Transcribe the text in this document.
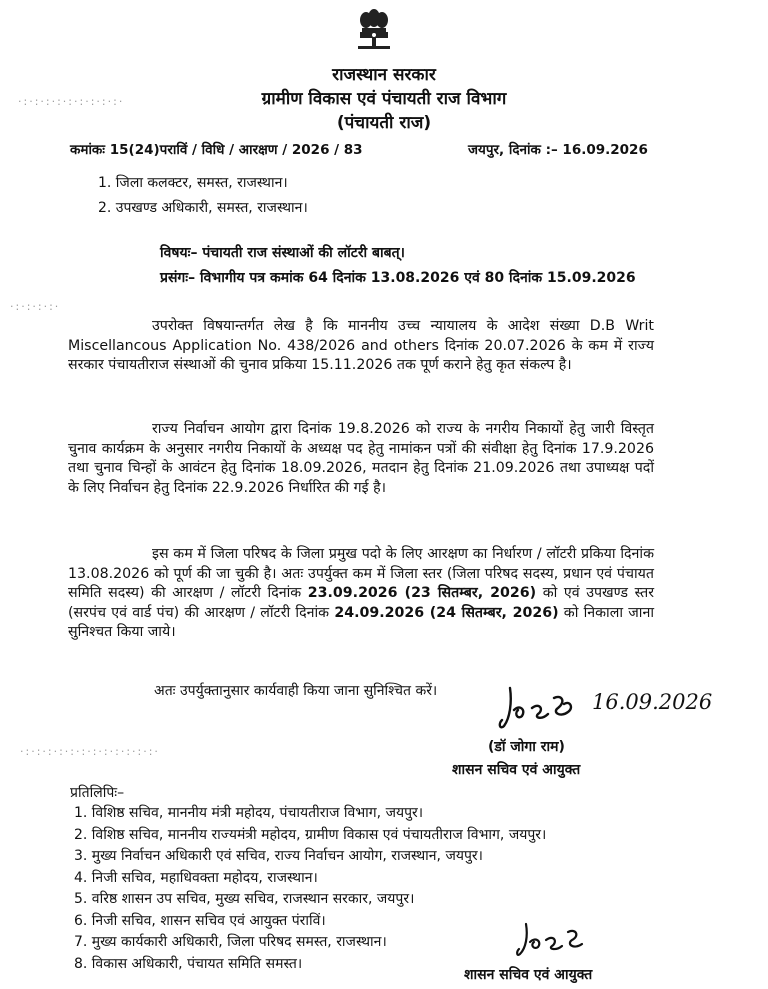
राजस्थान सरकार
ग्रामीण विकास एवं पंचायती राज विभाग
(पंचायती राज)
·:·:·:·:·:·:·:·:·:·
कमांकः 15(24)पराविं / विधि / आरक्षण / 2026 / 83	जयपुर, दिनांक :– 16.09.2026
1. जिला कलक्टर, समस्त, राजस्थान।
2. उपखण्ड अधिकारी, समस्त, राजस्थान।
विषयः– पंचायती राज संस्थाओं की लॉटरी बाबत्।
प्रसंगः– विभागीय पत्र कमांक 64 दिनांक 13.08.2026 एवं 80 दिनांक 15.09.2026
·:·:·:·:·
उपरोक्त विषयान्तर्गत लेख है कि माननीय उच्च न्यायालय के आदेश संख्या D.B Writ Miscellancous Application No. 438/2026 and others दिनांक 20.07.2026 के कम में राज्य सरकार पंचायतीराज संस्थाओं की चुनाव प्रकिया 15.11.2026 तक पूर्ण कराने हेतु कृत संकल्प है।
राज्य निर्वाचन आयोग द्वारा दिनांक 19.8.2026 को राज्य के नगरीय निकायों हेतु जारी विस्तृत चुनाव कार्यक्रम के अनुसार नगरीय निकायों के अध्यक्ष पद हेतु नामांकन पत्रों की संवीक्षा हेतु दिनांक 17.9.2026 तथा चुनाव चिन्हों के आवंटन हेतु दिनांक 18.09.2026, मतदान हेतु दिनांक 21.09.2026 तथा उपाध्यक्ष पदों के लिए निर्वाचन हेतु दिनांक 22.9.2026 निर्धारित की गई है।
इस कम में जिला परिषद के जिला प्रमुख पदो के लिए आरक्षण का निर्धारण / लॉटरी प्रकिया दिनांक 13.08.2026 को पूर्ण की जा चुकी है। अतः उपर्युक्त कम में जिला स्तर (जिला परिषद सदस्य, प्रधान एवं पंचायत समिति सदस्य) की आरक्षण / लॉटरी दिनांक 23.09.2026 (23 सितम्बर, 2026) को एवं उपखण्ड स्तर (सरपंच एवं वार्ड पंच) की आरक्षण / लॉटरी दिनांक 24.09.2026 (24 सितम्बर, 2026) को निकाला जाना सुनिश्चत किया जाये।
अतः उपर्युक्तानुसार कार्यवाही किया जाना सुनिश्चित करें।	16.09.2026
(डॉ जोगा राम)
शासन सचिव एवं आयुक्त
·:·:·:·:·:·:·:·:·:·:·:·:·
प्रतिलिपिः–
1. विशिष्ठ सचिव, माननीय मंत्री महोदय, पंचायतीराज विभाग, जयपुर।
2. विशिष्ठ सचिव, माननीय राज्यमंत्री महोदय, ग्रामीण विकास एवं पंचायतीराज विभाग, जयपुर।
3. मुख्य निर्वाचन अधिकारी एवं सचिव, राज्य निर्वाचन आयोग, राजस्थान, जयपुर।
4. निजी सचिव, महाधिवक्ता महोदय, राजस्थान।
5. वरिष्ठ शासन उप सचिव, मुख्य सचिव, राजस्थान सरकार, जयपुर।
6. निजी सचिव, शासन सचिव एवं आयुक्त पंराविं।
7. मुख्य कार्यकारी अधिकारी, जिला परिषद समस्त, राजस्थान।
8. विकास अधिकारी, पंचायत समिति समस्त।
शासन सचिव एवं आयुक्त
